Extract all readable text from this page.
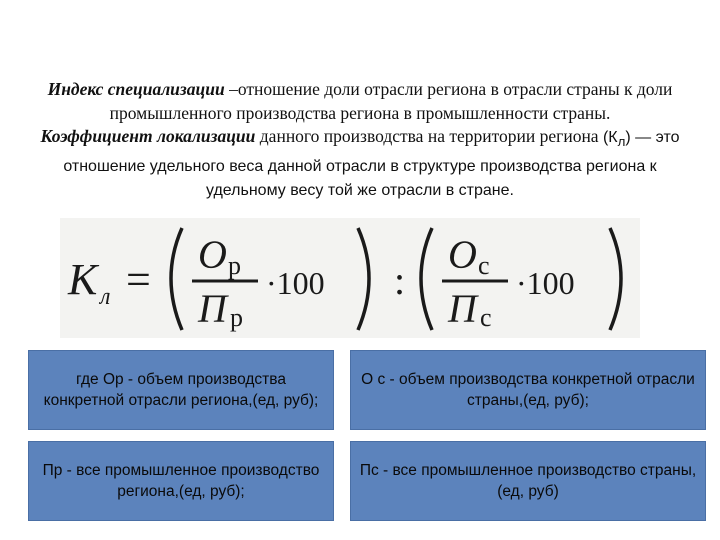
Индекс специализации –отношение доли отрасли региона в отрасли страны к доли промышленного производства региона в промышленности страны.

Коэффициент локализации данного производства на территории региона $(К_л)$ — это отношение удельного веса данной отрасли в структуре производства региона к удельному весу той же отрасли в стране.

К л =
О р
П р
·100 :
О с
П с
·100
где Ор - объем производства конкретной отрасли региона,(ед, руб);
О с - объем производства конкретной отрасли страны,(ед, руб);
Пр - все промышленное производство региона,(ед, руб);
Пс - все промышленное производство страны,(ед, руб)
